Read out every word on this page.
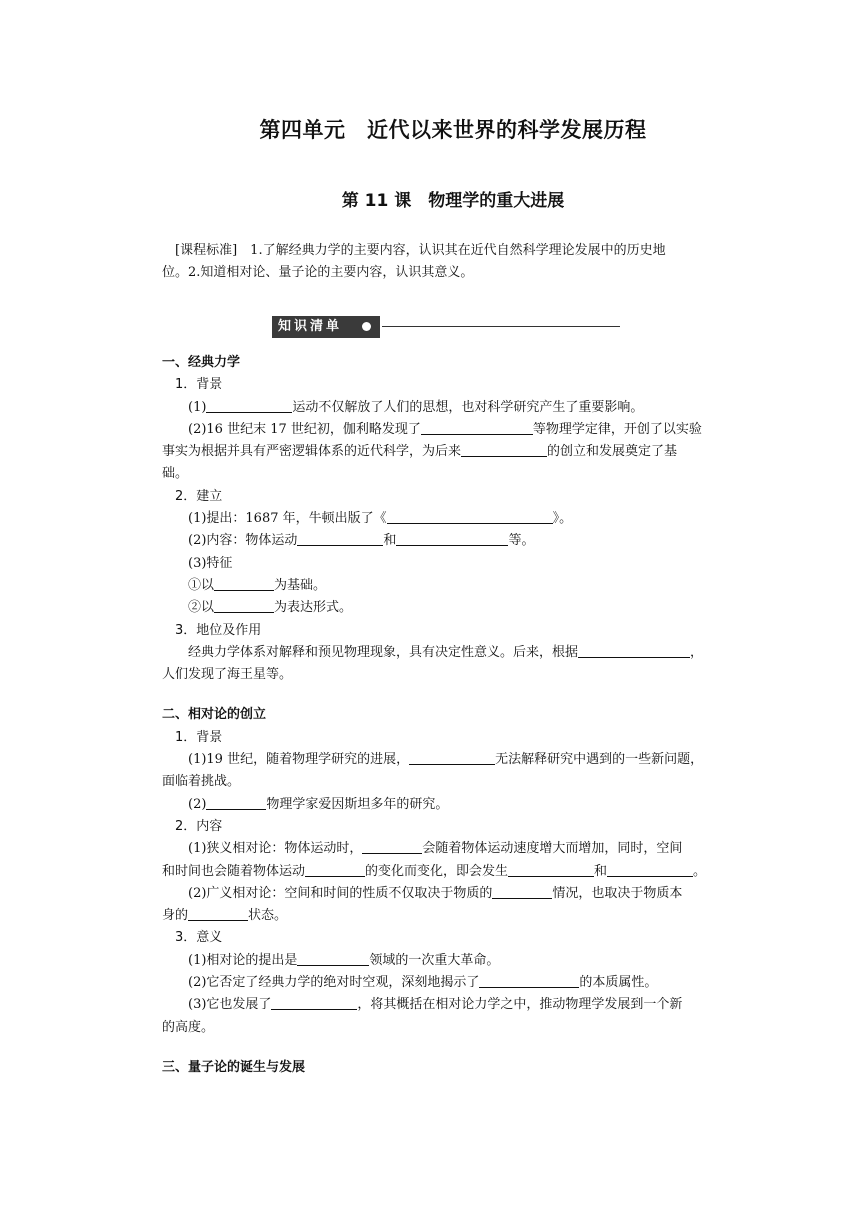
第四单元　近代以来世界的科学发展历程
第 11 课　物理学的重大进展
　[课程标准]　1.了解经典力学的主要内容，认识其在近代自然科学理论发展中的历史地
位。2.知道相对论、量子论的主要内容，认识其意义。
知识清单
一、经典力学
　1．背景
　　(1)	运动不仅解放了人们的思想，也对科学研究产生了重要影响。
　　(2)16 世纪末 17 世纪初，伽利略发现了	等物理学定律，开创了以实验
事实为根据并具有严密逻辑体系的近代科学，为后来	的创立和发展奠定了基
础。
　2．建立
　　(1)提出：1687 年，牛顿出版了《	》。
　　(2)内容：物体运动	和	等。
　　(3)特征
　　①以	为基础。
　　②以	为表达形式。
　3．地位及作用
　　经典力学体系对解释和预见物理现象，具有决定性意义。后来，根据	，
人们发现了海王星等。
二、相对论的创立
　1．背景
　　(1)19 世纪，随着物理学研究的进展，	无法解释研究中遇到的一些新问题，
面临着挑战。
　　(2)	物理学家爱因斯坦多年的研究。
　2．内容
　　(1)狭义相对论：物体运动时，	会随着物体运动速度增大而增加，同时，空间
和时间也会随着物体运动	的变化而变化，即会发生	和	。
　　(2)广义相对论：空间和时间的性质不仅取决于物质的	情况，也取决于物质本
身的	状态。
　3．意义
　　(1)相对论的提出是	领域的一次重大革命。
　　(2)它否定了经典力学的绝对时空观，深刻地揭示了	的本质属性。
　　(3)它也发展了	，将其概括在相对论力学之中，推动物理学发展到一个新
的高度。
三、量子论的诞生与发展
